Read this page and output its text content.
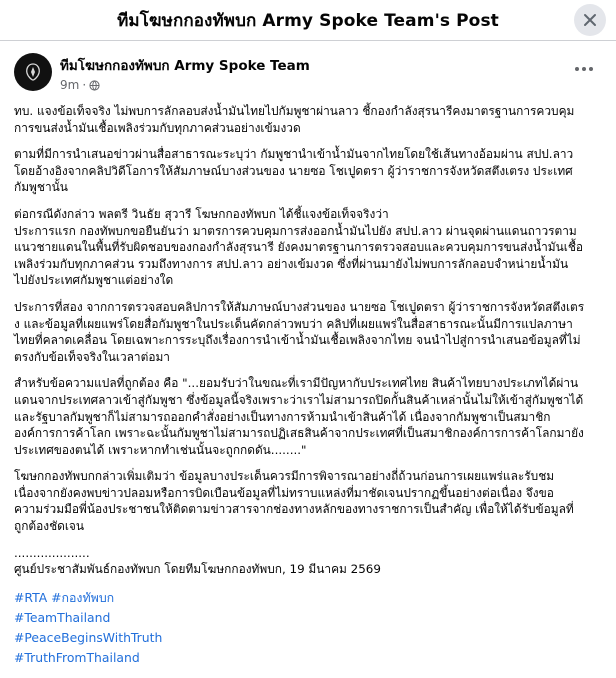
ทีมโฆษกกองทัพบก Army Spoke Team's Post
ทีมโฆษกกองทัพบก Army Spoke Team
9m ·

ทบ. แจงข้อเท็จจริง ไม่พบการลักลอบส่งน้ำมันไทยไปกัมพูชาผ่านลาว ชี้กองกำลังสุรนารีคงมาตรฐานการควบคุม
การขนส่งน้ำมันเชื้อเพลิงร่วมกับทุกภาคส่วนอย่างเข้มงวด

ตามที่มีการนำเสนอข่าวผ่านสื่อสาธารณะระบุว่า กัมพูชานำเข้าน้ำมันจากไทยโดยใช้เส้นทางอ้อมผ่าน สปป.ลาว
โดยอ้างอิงจากคลิปวิดีโอการให้สัมภาษณ์บางส่วนของ นายซอ โชเปูดตรา ผู้ว่าราชการจังหวัดสตึงเตรง ประเทศ
กัมพูชานั้น

ต่อกรณีดังกล่าว พลตรี วินธัย สุวารี โฆษกกองทัพบก ได้ชี้แจงข้อเท็จจริงว่า
ประการแรก กองทัพบกขอยืนยันว่า มาตรการควบคุมการส่งออกน้ำมันไปยัง สปป.ลาว ผ่านจุดผ่านแดนถาวรตาม
แนวชายแดนในพื้นที่รับผิดชอบของกองกำลังสุรนารี ยังคงมาตรฐานการตรวจสอบและควบคุมการขนส่งน้ำมันเชื้อ
เพลิงร่วมกับทุกภาคส่วน รวมถึงทางการ สปป.ลาว อย่างเข้มงวด ซึ่งที่ผ่านมายังไม่พบการลักลอบจำหน่ายน้ำมัน
ไปยังประเทศกัมพูชาแต่อย่างใด

ประการที่สอง จากการตรวจสอบคลิปการให้สัมภาษณ์บางส่วนของ นายซอ โชเปูดตรา ผู้ว่าราชการจังหวัดสตึงเตร
ง และข้อมูลที่เผยแพร่โดยสื่อกัมพูชาในประเด็นคัดกล่าวพบว่า คลิปที่เผยแพร่ในสื่อสาธารณะนั้นมีการแปลภาษา
ไทยที่คลาดเคลื่อน โดยเฉพาะการระบุถึงเรื่องการนำเข้าน้ำมันเชื้อเพลิงจากไทย จนนำไปสู่การนำเสนอข้อมูลที่ไม่
ตรงกับข้อเท็จจริงในเวลาต่อมา

สำหรับข้อความแปลที่ถูกต้อง คือ "...ยอมรับว่าในขณะที่เรามีปัญหากับประเทศไทย สินค้าไทยบางประเภทได้ผ่าน
แดนจากประเทศลาวเข้าสู่กัมพูชา ซึ่งข้อมูลนี้จริงเพราะว่าเราไม่สามารถปิดกั้นสินค้าเหล่านั้นไม่ให้เข้าสู่กัมพูชาได้
และรัฐบาลกัมพูชาก็ไม่สามารถออกคำสั่งอย่างเป็นทางการห้ามนำเข้าสินค้าได้ เนื่องจากกัมพูชาเป็นสมาชิก
องค์การการค้าโลก เพราะฉะนั้นกัมพูชาไม่สามารถปฏิเสธสินค้าจากประเทศที่เป็นสมาชิกองค์การการค้าโลกมายัง
ประเทศของตนได้ เพราะหากทำเช่นนั้นจะถูกกดดัน........"

โฆษกกองทัพบกกล่าวเพิ่มเติมว่า ข้อมูลบางประเด็นควรมีการพิจารณาอย่างถี่ถ้วนก่อนการเผยแพร่และรับชม
เนื่องจากยังคงพบข่าวปลอมหรือการบิดเบือนข้อมูลที่ไม่ทราบแหล่งที่มาชัดเจนปรากฏขึ้นอย่างต่อเนื่อง จึงขอ
ความร่วมมือพี่น้องประชาชนให้ติดตามข่าวสารจากช่องทางหลักของทางราชการเป็นสำคัญ เพื่อให้ได้รับข้อมูลที่
ถูกต้องชัดเจน

....................
ศูนย์ประชาสัมพันธ์กองทัพบก โดยทีมโฆษกกองทัพบก, 19 มีนาคม 2569

#RTA #กองทัพบก
#TeamThailand
#PeaceBeginsWithTruth
#TruthFromThailand
